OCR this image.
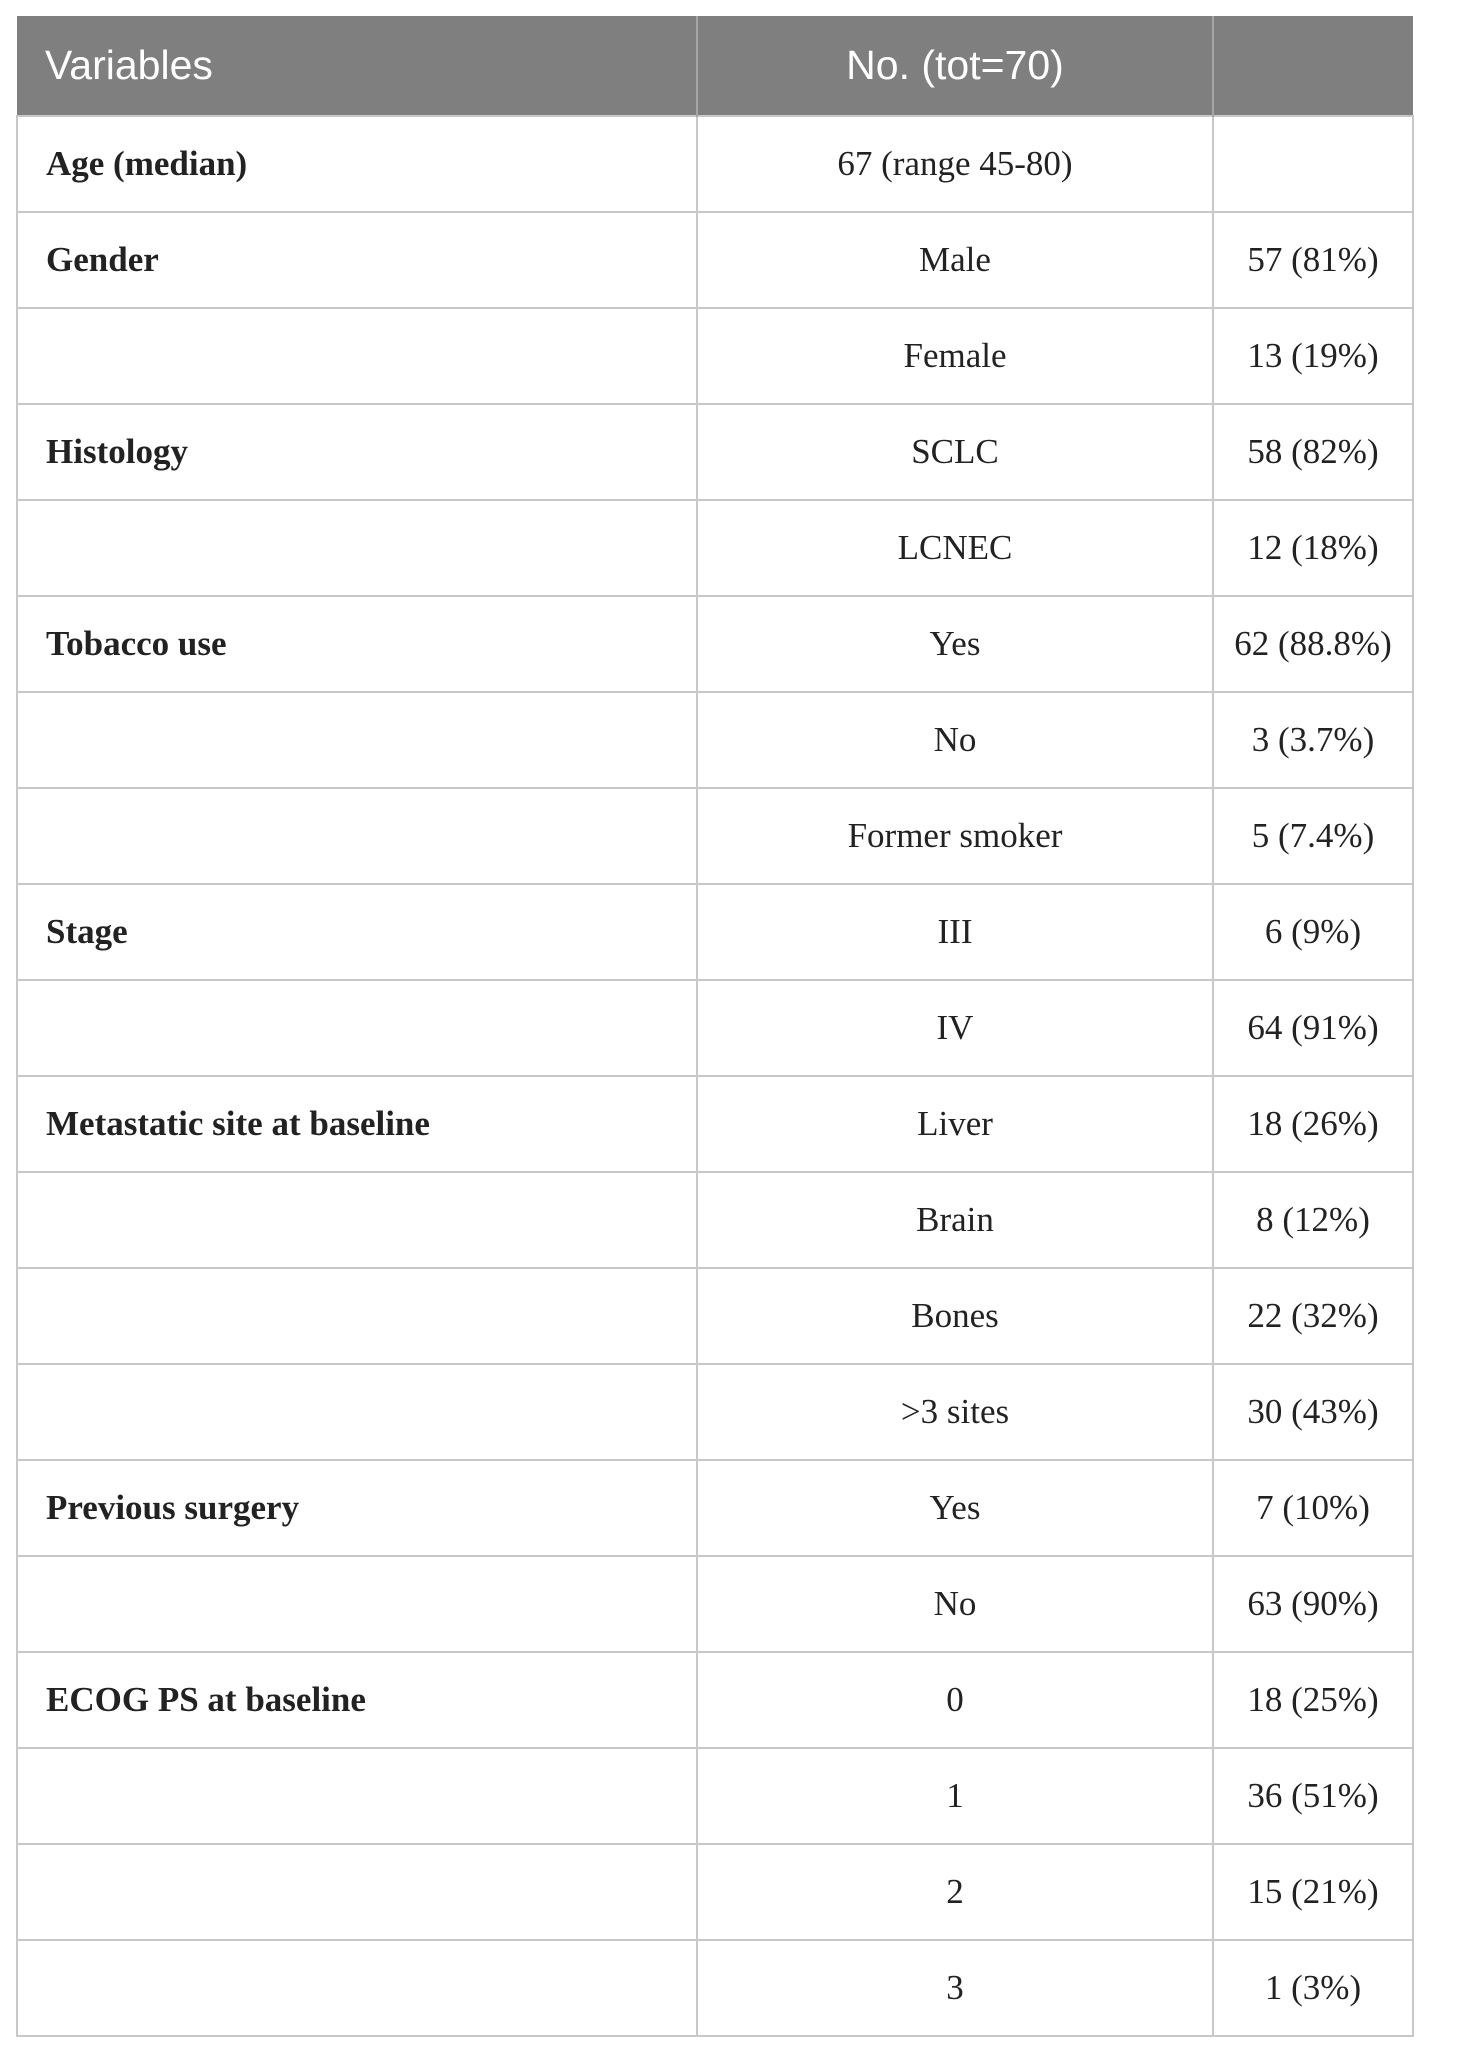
Variables	No. (tot=70)	
Age (median)	67 (range 45-80)	
Gender	Male	57 (81%)
	Female	13 (19%)
Histology	SCLC	58 (82%)
	LCNEC	12 (18%)
Tobacco use	Yes	62 (88.8%)
	No	3 (3.7%)
	Former smoker	5 (7.4%)
Stage	III	6 (9%)
	IV	64 (91%)
Metastatic site at baseline	Liver	18 (26%)
	Brain	8 (12%)
	Bones	22 (32%)
	>3 sites	30 (43%)
Previous surgery	Yes	7 (10%)
	No	63 (90%)
ECOG PS at baseline	0	18 (25%)
	1	36 (51%)
	2	15 (21%)
	3	1 (3%)
